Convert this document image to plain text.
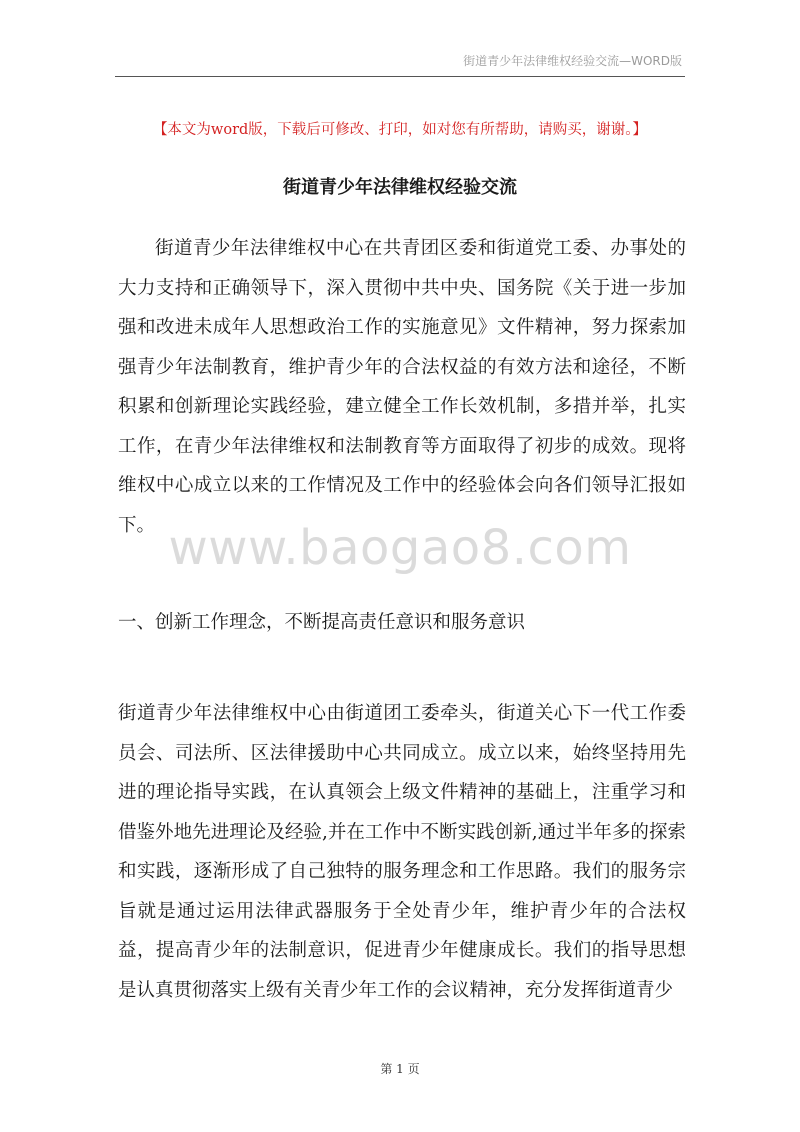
街道青少年法律维权经验交流—WORD版
【本文为word版，下载后可修改、打印，如对您有所帮助，请购买，谢谢。】
街道青少年法律维权经验交流

街道青少年法律维权中心在共青团区委和街道党工委、办事处的大力支持和正确领导下，深入贯彻中共中央、国务院《关于进一步加强和改进未成年人思想政治工作的实施意见》文件精神，努力探索加强青少年法制教育，维护青少年的合法权益的有效方法和途径，不断积累和创新理论实践经验，建立健全工作长效机制，多措并举，扎实工作，在青少年法律维权和法制教育等方面取得了初步的成效。现将维权中心成立以来的工作情况及工作中的经验体会向各们领导汇报如下。 www.baogao8.com
一、创新工作理念，不断提高责任意识和服务意识

街道青少年法律维权中心由街道团工委牵头，街道关心下一代工作委员会、司法所、区法律援助中心共同成立。成立以来，始终坚持用先进的理论指导实践，在认真领会上级文件精神的基础上，注重学习和借鉴外地先进理论及经验,并在工作中不断实践创新,通过半年多的探索和实践，逐渐形成了自己独特的服务理念和工作思路。我们的服务宗旨就是通过运用法律武器服务于全处青少年，维护青少年的合法权益，提高青少年的法制意识，促进青少年健康成长。我们的指导思想是认真贯彻落实上级有关青少年工作的会议精神，充分发挥街道青少

第 1 页
